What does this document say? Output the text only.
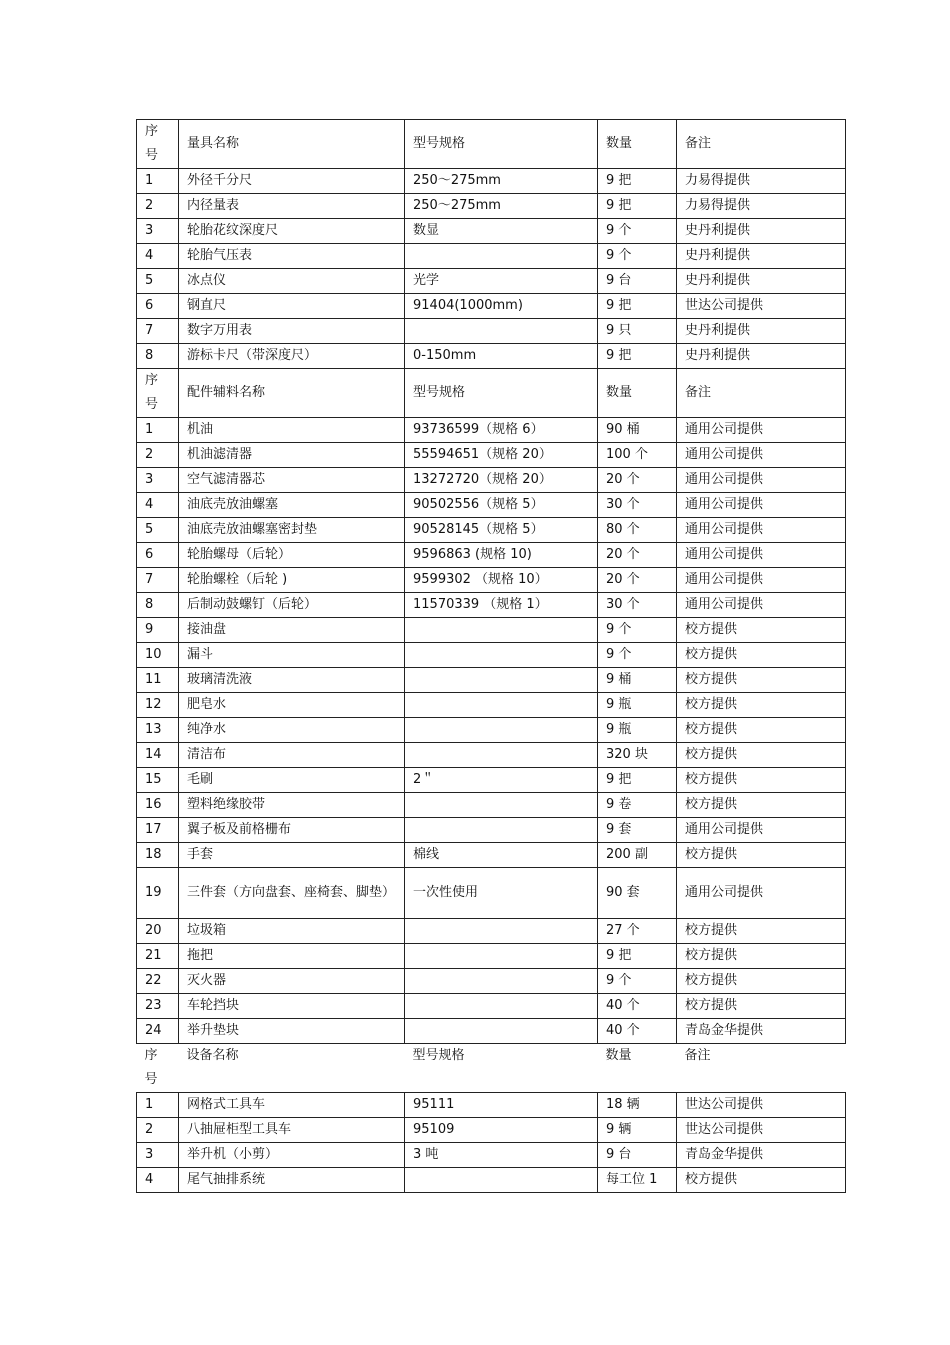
序号	量具名称	型号规格	数量	备注
1	外径千分尺	250～275mm	9 把	力易得提供
2	内径量表	250～275mm	9 把	力易得提供
3	轮胎花纹深度尺	数显	9 个	史丹利提供
4	轮胎气压表		9 个	史丹利提供
5	冰点仪	光学	9 台	史丹利提供
6	钢直尺	91404(1000mm)	9 把	世达公司提供
7	数字万用表		9 只	史丹利提供
8	游标卡尺（带深度尺）	0-150mm	9 把	史丹利提供
序号	配件辅料名称	型号规格	数量	备注
1	机油	93736599（规格 6）	90 桶	通用公司提供
2	机油滤清器	55594651（规格 20）	100 个	通用公司提供
3	空气滤清器芯	13272720（规格 20）	20 个	通用公司提供
4	油底壳放油螺塞	90502556（规格 5）	30 个	通用公司提供
5	油底壳放油螺塞密封垫	90528145（规格 5）	80 个	通用公司提供
6	轮胎螺母（后轮）	9596863 (规格 10)	20 个	通用公司提供
7	轮胎螺栓（后轮 )	9599302 （规格 10）	20 个	通用公司提供
8	后制动鼓螺钉（后轮）	11570339 （规格 1）	30 个	通用公司提供
9	接油盘		9 个	校方提供
10	漏斗		9 个	校方提供
11	玻璃清洗液		9 桶	校方提供
12	肥皂水		9 瓶	校方提供
13	纯净水		9 瓶	校方提供
14	清洁布		320 块	校方提供
15	毛刷	2＂	9 把	校方提供
16	塑料绝缘胶带		9 卷	校方提供
17	翼子板及前格栅布		9 套	通用公司提供
18	手套	棉线	200 副	校方提供
19	三件套（方向盘套、座椅套、脚垫）	一次性使用	90 套	通用公司提供
20	垃圾箱		27 个	校方提供
21	拖把		9 把	校方提供
22	灭火器		9 个	校方提供
23	车轮挡块		40 个	校方提供
24	举升垫块		40 个	青岛金华提供
序号	设备名称	型号规格	数量	备注
1	网格式工具车	95111	18 辆	世达公司提供
2	八抽屉柜型工具车	95109	9 辆	世达公司提供
3	举升机（小剪）	3 吨	9 台	青岛金华提供
4	尾气抽排系统		每工位 1	校方提供
